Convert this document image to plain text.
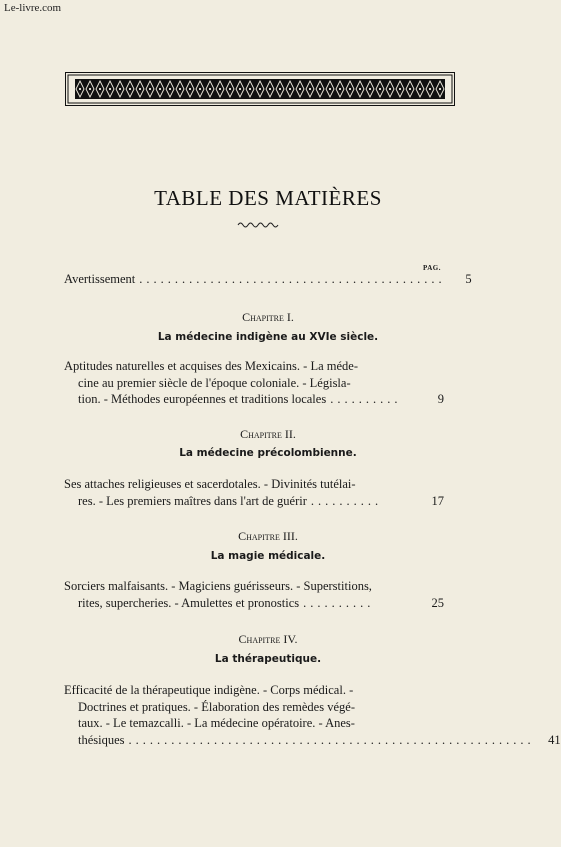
Le-livre.com
TABLE DES MATIÈRES
PAG.
Avertissement ...........................................	5
Chapitre I.
La médecine indigène au XVIe siècle.
Aptitudes naturelles et acquises des Mexicains. - La méde-
cine au premier siècle de l'époque coloniale. - Législa-
tion. - Méthodes européennes et traditions locales ..........	9
Chapitre II.
La médecine précolombienne.
Ses attaches religieuses et sacerdotales. - Divinités tutélai-
res. - Les premiers maîtres dans l'art de guérir ..........	17
Chapitre III.
La magie médicale.
Sorciers malfaisants. - Magiciens guérisseurs. - Superstitions,
rites, supercheries. - Amulettes et pronostics ..........	25
Chapitre IV.
La thérapeutique.
Efficacité de la thérapeutique indigène. - Corps médical. -
Doctrines et pratiques. - Élaboration des remèdes végé-
taux. - Le temazcalli. - La médecine opératoire. - Anes-
thésiques .........................................................	41
